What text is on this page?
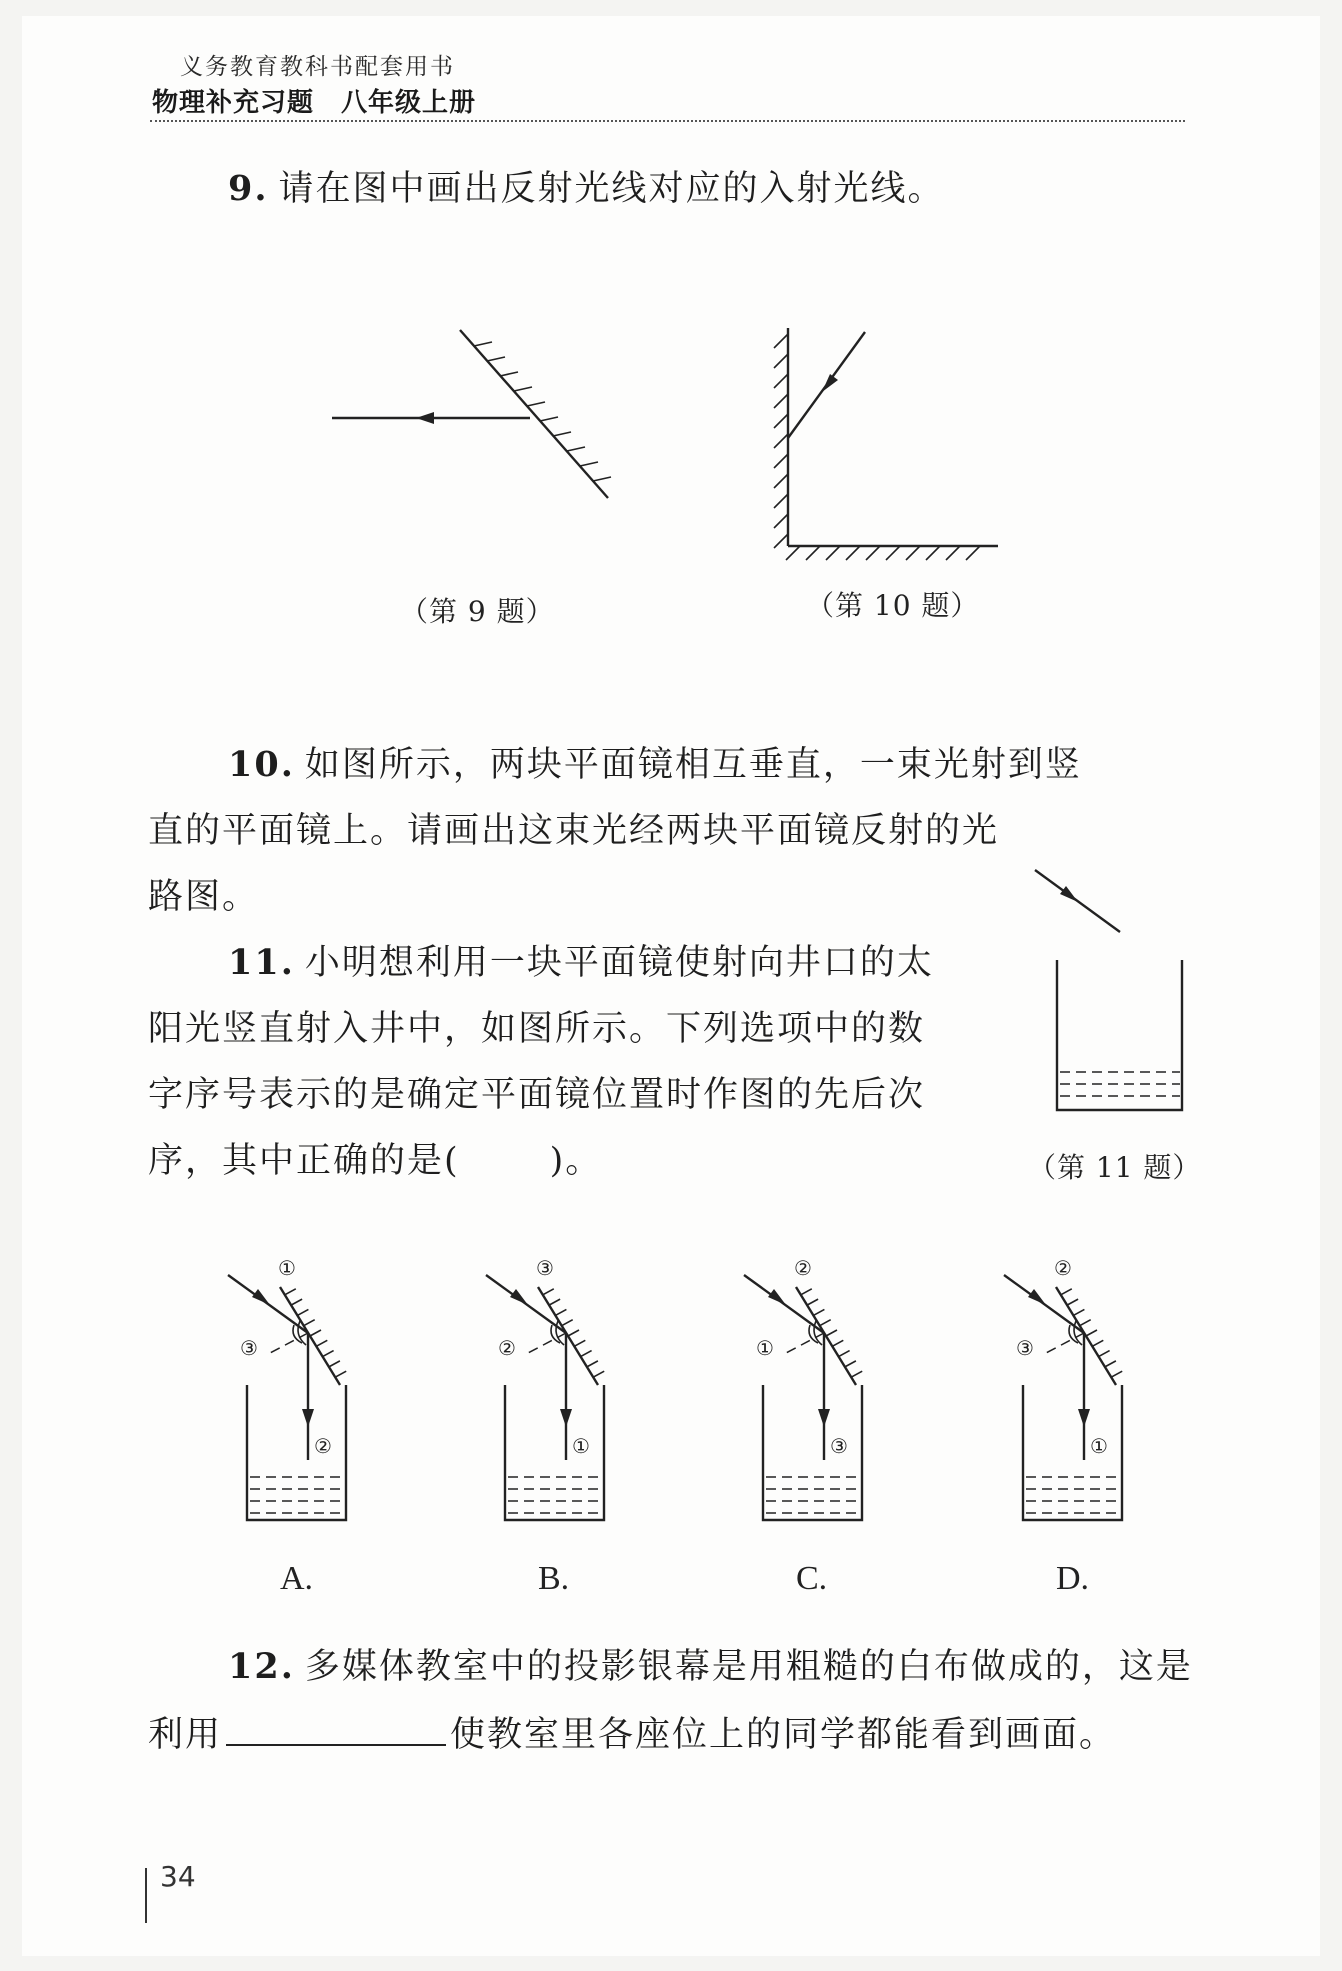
义务教育教科书配套用书
物理补充习题　八年级上册
9. 请在图中画出反射光线对应的入射光线。
（第 9 题）	（第 10 题）
10. 如图所示，两块平面镜相互垂直，一束光射到竖
直的平面镜上。请画出这束光经两块平面镜反射的光
路图。
11. 小明想利用一块平面镜使射向井口的太
阳光竖直射入井中，如图所示。下列选项中的数
字序号表示的是确定平面镜位置时作图的先后次
序，其中正确的是(	)。	（第 11 题）
①
③
②
A.
③
②
①
B.
②
①
③
C.
②
③
①
D.
12. 多媒体教室中的投影银幕是用粗糙的白布做成的，这是
利用	使教室里各座位上的同学都能看到画面。
34
